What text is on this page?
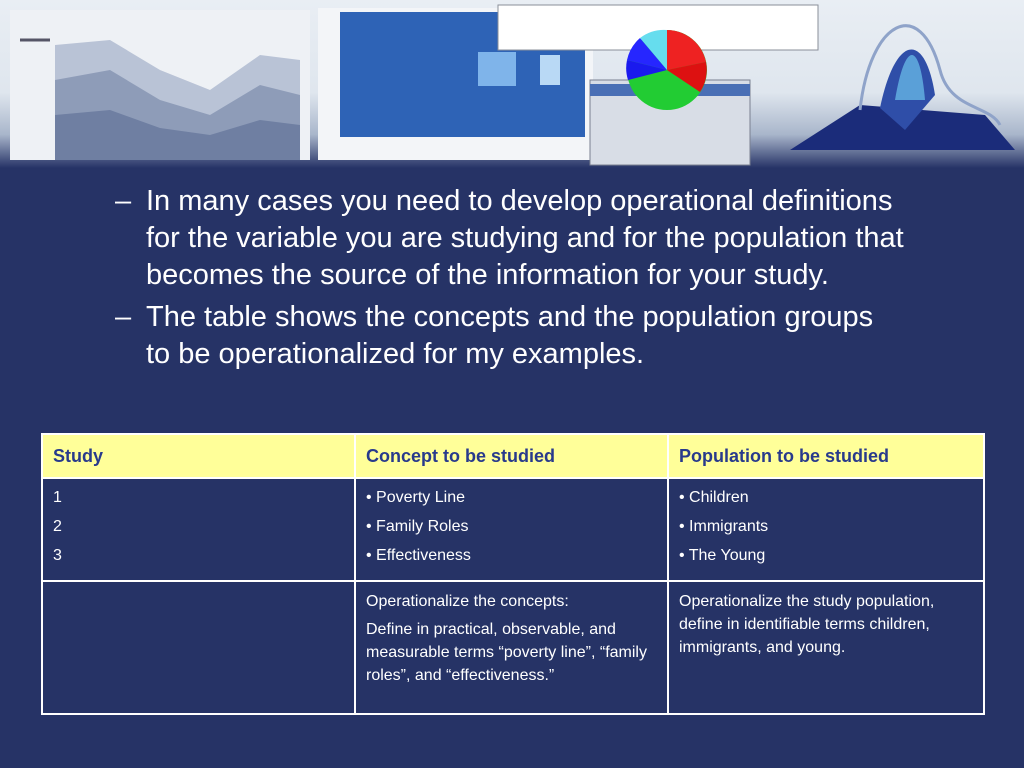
– In many cases you need to develop operational definitions for the variable you are studying and for the population that becomes the source of the information for your study.
– The table shows the concepts and the population groups to be operationalized for my examples.
Study	Concept to be studied	Population to be studied

1
2
3	• Poverty Line
• Family Roles
• Effectiveness	• Children
• Immigrants
• The Young

	Operationalize the concepts:
Define in practical, observable, and measurable terms “poverty line”, “family roles”, and “effectiveness.”	Operationalize the study population, define in identifiable terms children, immigrants, and young.
